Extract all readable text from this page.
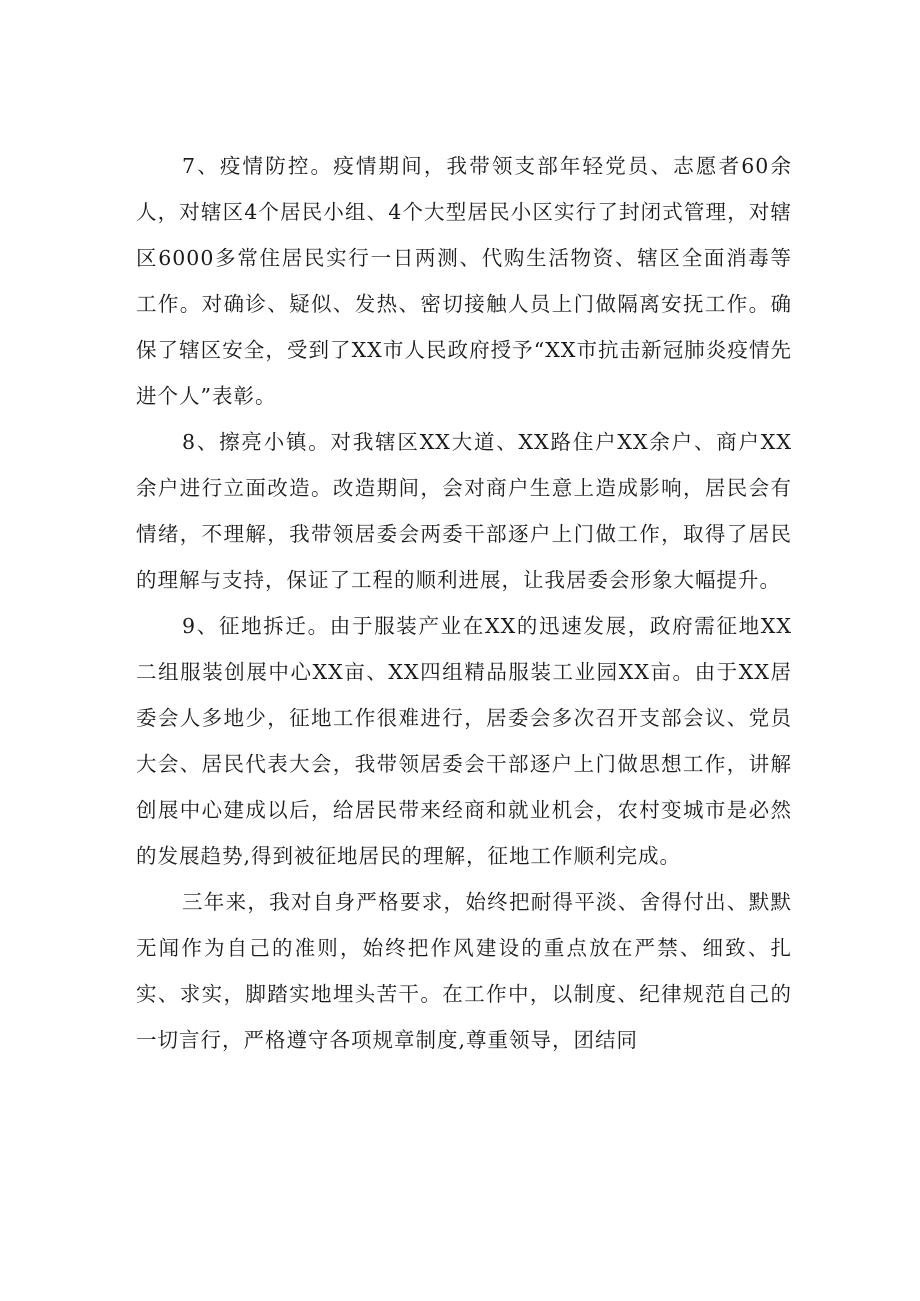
7、疫情防控。疫情期间，我带领支部年轻党员、志愿者60余人，对辖区4个居民小组、4个大型居民小区实行了封闭式管理，对辖区6000多常住居民实行一日两测、代购生活物资、辖区全面消毒等工作。对确诊、疑似、发热、密切接触人员上门做隔离安抚工作。确保了辖区安全，受到了XX市人民政府授予“XX市抗击新冠肺炎疫情先进个人”表彰。

8、擦亮小镇。对我辖区XX大道、XX路住户XX余户、商户XX余户进行立面改造。改造期间，会对商户生意上造成影响，居民会有情绪，不理解，我带领居委会两委干部逐户上门做工作，取得了居民的理解与支持，保证了工程的顺利进展，让我居委会形象大幅提升。

9、征地拆迁。由于服装产业在XX的迅速发展，政府需征地XX二组服装创展中心XX亩、XX四组精品服装工业园XX亩。由于XX居委会人多地少，征地工作很难进行，居委会多次召开支部会议、党员大会、居民代表大会，我带领居委会干部逐户上门做思想工作，讲解创展中心建成以后，给居民带来经商和就业机会，农村变城市是必然的发展趋势,得到被征地居民的理解，征地工作顺利完成。

三年来，我对自身严格要求，始终把耐得平淡、舍得付出、默默无闻作为自己的准则，始终把作风建设的重点放在严禁、细致、扎实、求实，脚踏实地埋头苦干。在工作中，以制度、纪律规范自己的一切言行，严格遵守各项规章制度,尊重领导，团结同
